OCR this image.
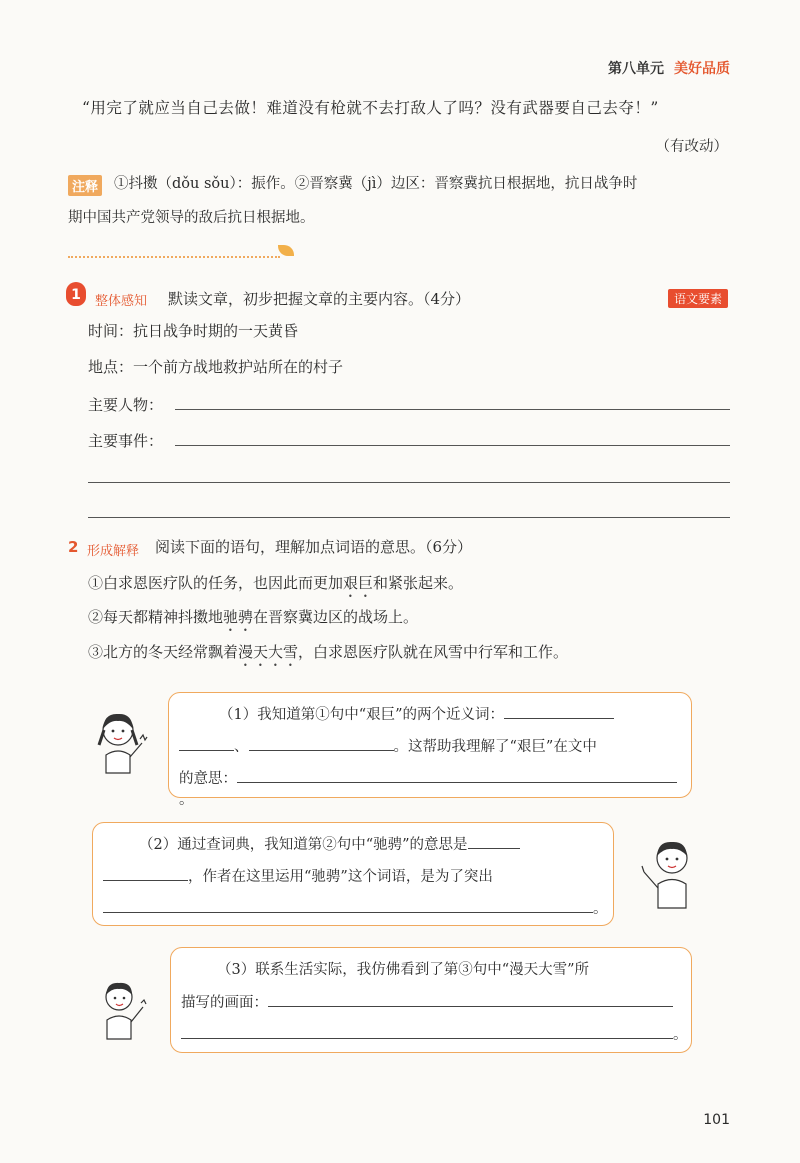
第八单元 美好品质
“用完了就应当自己去做！难道没有枪就不去打敌人了吗？没有武器要自己去夺！”
（有改动）
注释 ①抖擞（dǒu sǒu）：振作。②晋察冀（jì）边区：晋察冀抗日根据地，抗日战争时
期中国共产党领导的敌后抗日根据地。
1	整体感知 默读文章，初步把握文章的主要内容。（4分）	语文要素
时间：抗日战争时期的一天黄昏
地点：一个前方战地救护站所在的村子
主要人物：
主要事件：
2 形成解释 阅读下面的语句，理解加点词语的意思。（6分）
①白求恩医疗队的任务，也因此而更加艰巨和紧张起来。
②每天都精神抖擞地驰骋在晋察冀边区的战场上。
③北方的冬天经常飘着漫天大雪，白求恩医疗队就在风雪中行军和工作。
（1）我知道第①句中“艰巨”的两个近义词：
、	。这帮助我理解了“艰巨”在文中
的意思：。
（2）通过查词典，我知道第②句中“驰骋”的意思是
，作者在这里运用“驰骋”这个词语，是为了突出
。
（3）联系生活实际，我仿佛看到了第③句中“漫天大雪”所
描写的画面：
。
101
